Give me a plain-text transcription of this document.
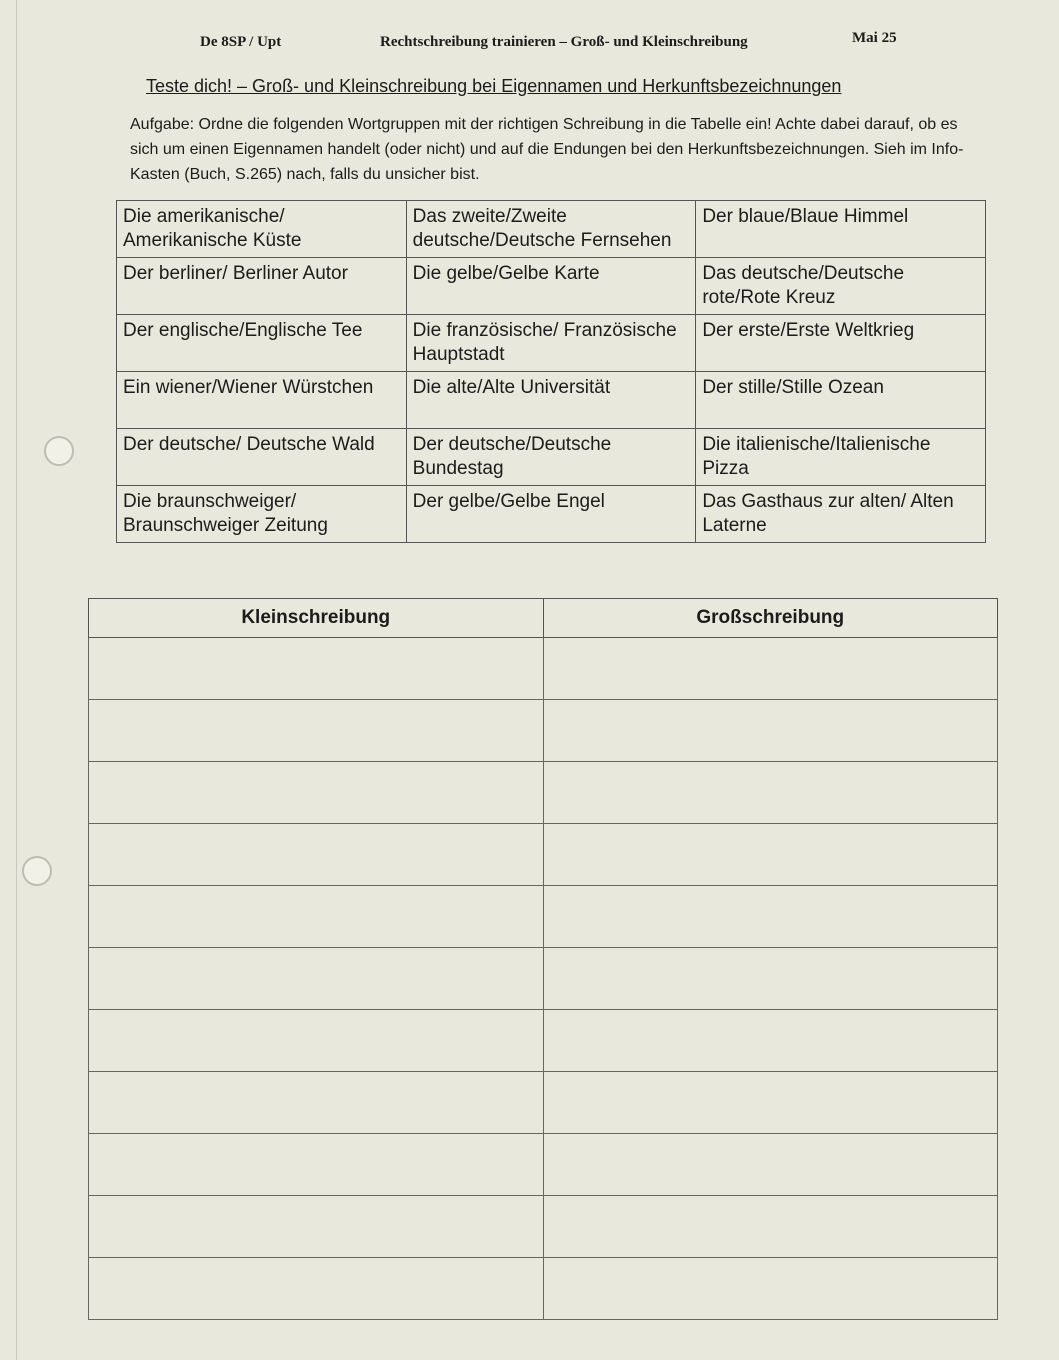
De 8SP / Upt	Rechtschreibung trainieren – Groß- und Kleinschreibung	Mai 25
Teste dich! – Groß- und Kleinschreibung bei Eigennamen und Herkunftsbezeichnungen
Aufgabe: Ordne die folgenden Wortgruppen mit der richtigen Schreibung in die Tabelle ein! Achte dabei darauf, ob es sich um einen Eigennamen handelt (oder nicht) und auf die Endungen bei den Herkunftsbezeichnungen. Sieh im Info-Kasten (Buch, S.265) nach, falls du unsicher bist.
Die amerikanische/ Amerikanische Küste	Das zweite/Zweite deutsche/Deutsche Fernsehen	Der blaue/Blaue Himmel
Der berliner/ Berliner Autor	Die gelbe/Gelbe Karte	Das deutsche/Deutsche rote/Rote Kreuz
Der englische/Englische Tee	Die französische/ Französische Hauptstadt	Der erste/Erste Weltkrieg
Ein wiener/Wiener Würstchen	Die alte/Alte Universität	Der stille/Stille Ozean
Der deutsche/ Deutsche Wald	Der deutsche/Deutsche Bundestag	Die italienische/Italienische Pizza
Die braunschweiger/ Braunschweiger Zeitung	Der gelbe/Gelbe Engel	Das Gasthaus zur alten/ Alten Laterne
Kleinschreibung	Großschreibung
